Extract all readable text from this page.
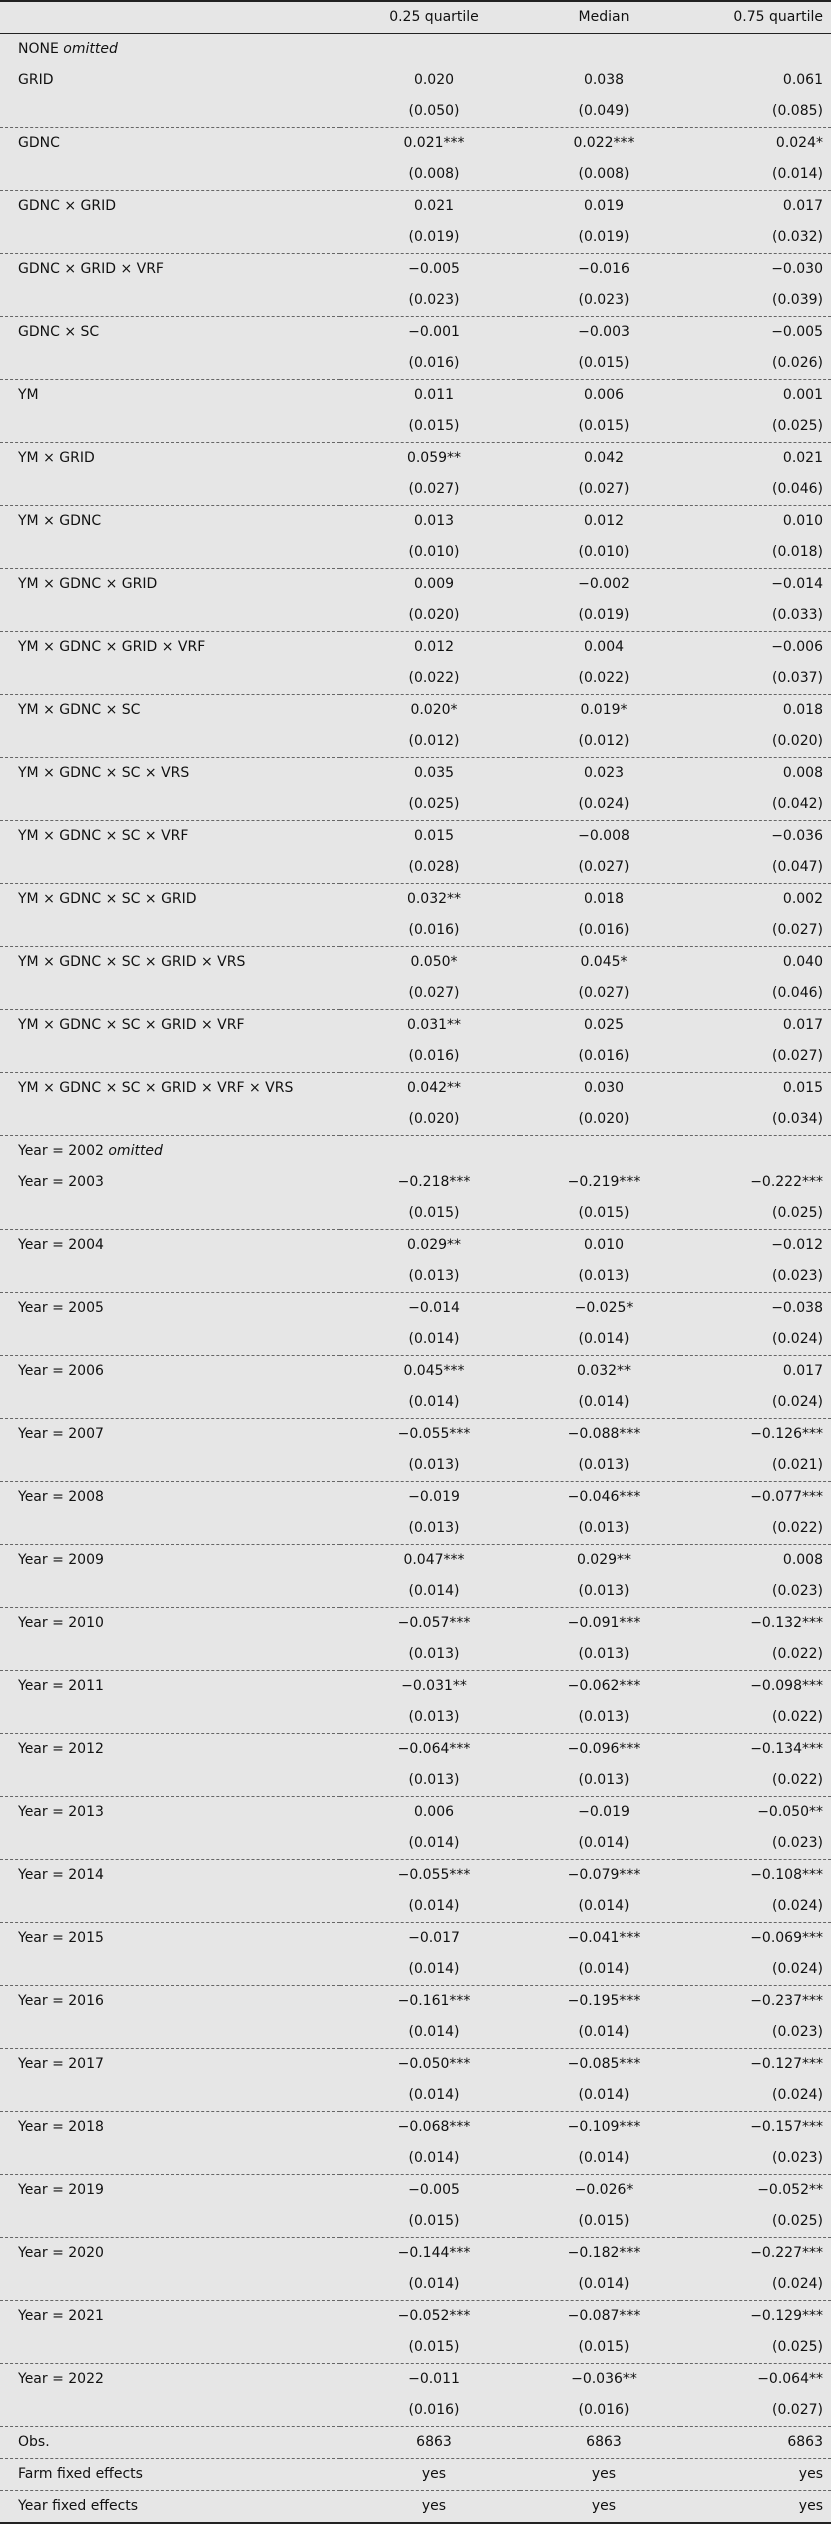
	0.25 quartile	Median	0.75 quartile
NONE omitted			
GRID	0.020	0.038	0.061
	(0.050)	(0.049)	(0.085)
GDNC	0.021***	0.022***	0.024*
	(0.008)	(0.008)	(0.014)
GDNC × GRID	0.021	0.019	0.017
	(0.019)	(0.019)	(0.032)
GDNC × GRID × VRF	−0.005	−0.016	−0.030
	(0.023)	(0.023)	(0.039)
GDNC × SC	−0.001	−0.003	−0.005
	(0.016)	(0.015)	(0.026)
YM	0.011	0.006	0.001
	(0.015)	(0.015)	(0.025)
YM × GRID	0.059**	0.042	0.021
	(0.027)	(0.027)	(0.046)
YM × GDNC	0.013	0.012	0.010
	(0.010)	(0.010)	(0.018)
YM × GDNC × GRID	0.009	−0.002	−0.014
	(0.020)	(0.019)	(0.033)
YM × GDNC × GRID × VRF	0.012	0.004	−0.006
	(0.022)	(0.022)	(0.037)
YM × GDNC × SC	0.020*	0.019*	0.018
	(0.012)	(0.012)	(0.020)
YM × GDNC × SC × VRS	0.035	0.023	0.008
	(0.025)	(0.024)	(0.042)
YM × GDNC × SC × VRF	0.015	−0.008	−0.036
	(0.028)	(0.027)	(0.047)
YM × GDNC × SC × GRID	0.032**	0.018	0.002
	(0.016)	(0.016)	(0.027)
YM × GDNC × SC × GRID × VRS	0.050*	0.045*	0.040
	(0.027)	(0.027)	(0.046)
YM × GDNC × SC × GRID × VRF	0.031**	0.025	0.017
	(0.016)	(0.016)	(0.027)
YM × GDNC × SC × GRID × VRF × VRS	0.042**	0.030	0.015
	(0.020)	(0.020)	(0.034)
Year = 2002 omitted			
Year = 2003	−0.218***	−0.219***	−0.222***
	(0.015)	(0.015)	(0.025)
Year = 2004	0.029**	0.010	−0.012
	(0.013)	(0.013)	(0.023)
Year = 2005	−0.014	−0.025*	−0.038
	(0.014)	(0.014)	(0.024)
Year = 2006	0.045***	0.032**	0.017
	(0.014)	(0.014)	(0.024)
Year = 2007	−0.055***	−0.088***	−0.126***
	(0.013)	(0.013)	(0.021)
Year = 2008	−0.019	−0.046***	−0.077***
	(0.013)	(0.013)	(0.022)
Year = 2009	0.047***	0.029**	0.008
	(0.014)	(0.013)	(0.023)
Year = 2010	−0.057***	−0.091***	−0.132***
	(0.013)	(0.013)	(0.022)
Year = 2011	−0.031**	−0.062***	−0.098***
	(0.013)	(0.013)	(0.022)
Year = 2012	−0.064***	−0.096***	−0.134***
	(0.013)	(0.013)	(0.022)
Year = 2013	0.006	−0.019	−0.050**
	(0.014)	(0.014)	(0.023)
Year = 2014	−0.055***	−0.079***	−0.108***
	(0.014)	(0.014)	(0.024)
Year = 2015	−0.017	−0.041***	−0.069***
	(0.014)	(0.014)	(0.024)
Year = 2016	−0.161***	−0.195***	−0.237***
	(0.014)	(0.014)	(0.023)
Year = 2017	−0.050***	−0.085***	−0.127***
	(0.014)	(0.014)	(0.024)
Year = 2018	−0.068***	−0.109***	−0.157***
	(0.014)	(0.014)	(0.023)
Year = 2019	−0.005	−0.026*	−0.052**
	(0.015)	(0.015)	(0.025)
Year = 2020	−0.144***	−0.182***	−0.227***
	(0.014)	(0.014)	(0.024)
Year = 2021	−0.052***	−0.087***	−0.129***
	(0.015)	(0.015)	(0.025)
Year = 2022	−0.011	−0.036**	−0.064**
	(0.016)	(0.016)	(0.027)
Obs.	6863	6863	6863
Farm fixed effects	yes	yes	yes
Year fixed effects	yes	yes	yes
